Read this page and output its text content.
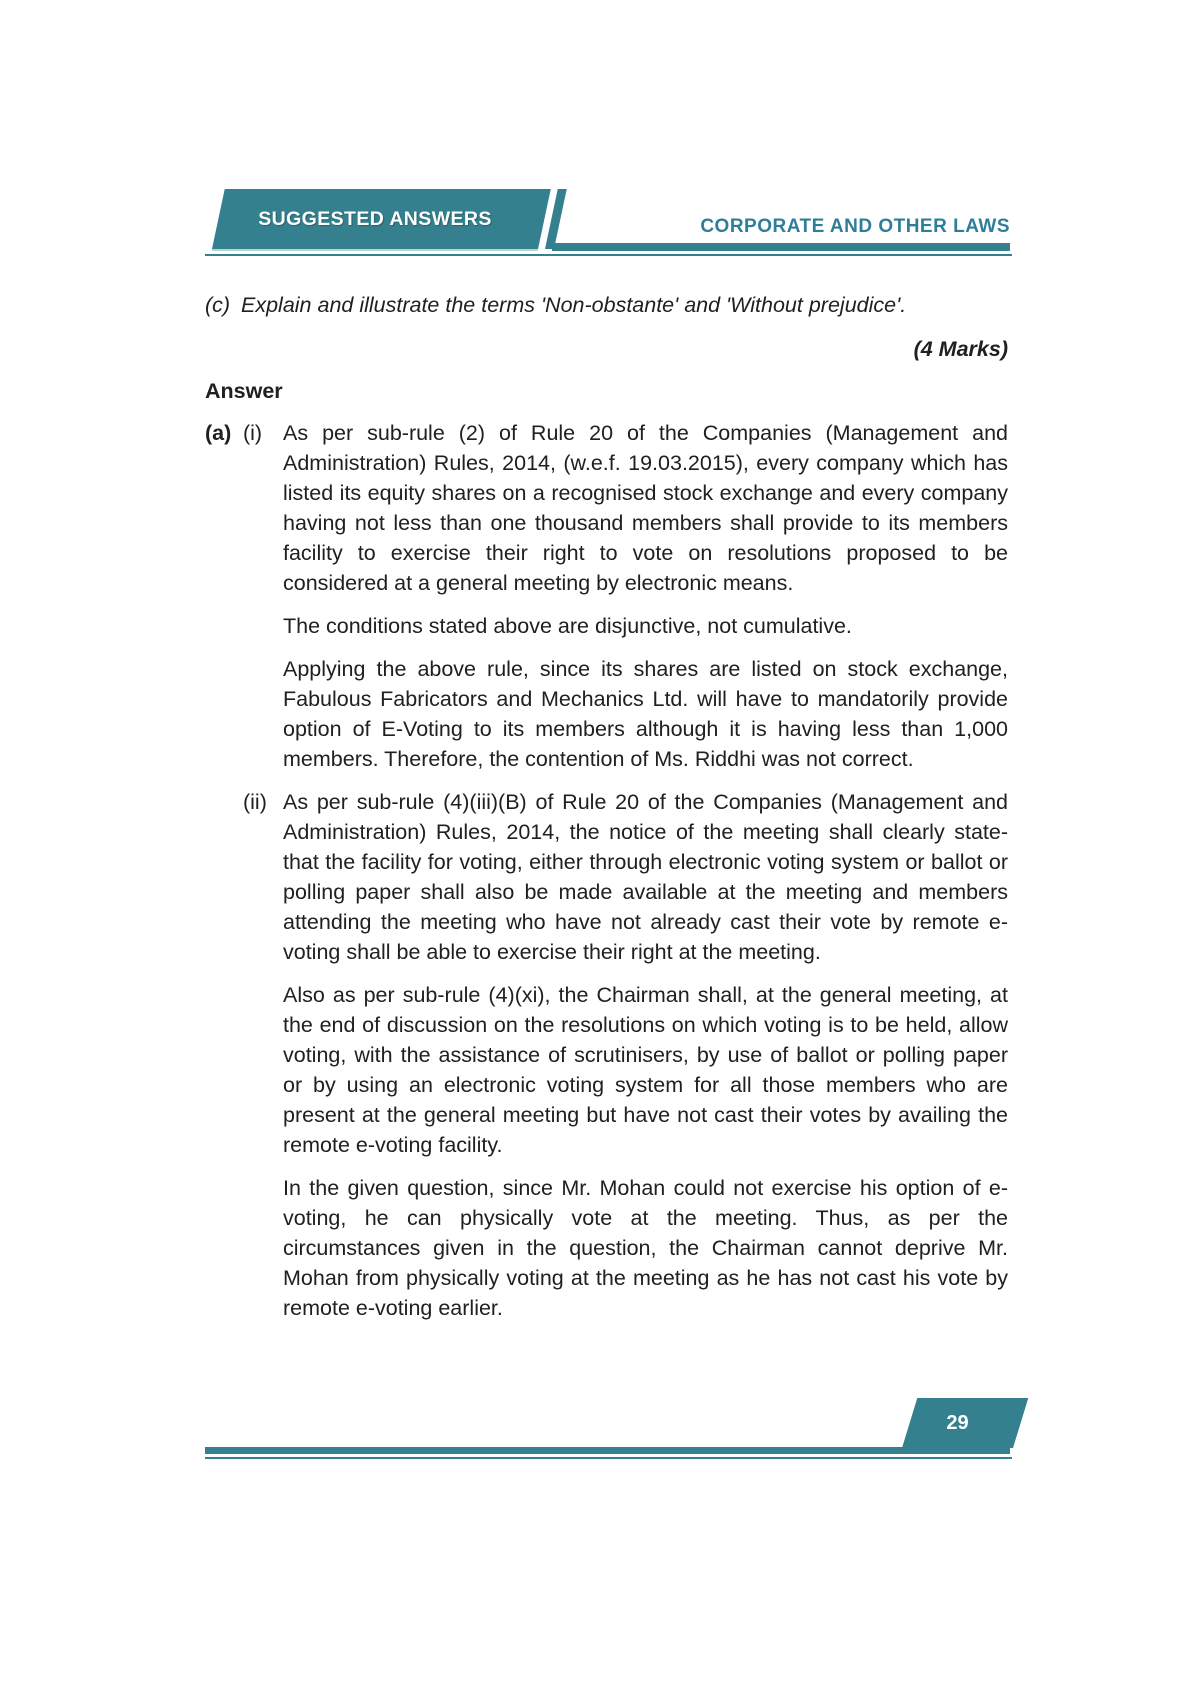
SUGGESTED ANSWERS	CORPORATE AND OTHER LAWS
(c) Explain and illustrate the terms 'Non-obstante' and 'Without prejudice'.
(4 Marks)
Answer
(a) (i) As per sub-rule (2) of Rule 20 of the Companies (Management and Administration) Rules, 2014, (w.e.f. 19.03.2015), every company which has listed its equity shares on a recognised stock exchange and every company having not less than one thousand members shall provide to its members facility to exercise their right to vote on resolutions proposed to be considered at a general meeting by electronic means.

The conditions stated above are disjunctive, not cumulative.

Applying the above rule, since its shares are listed on stock exchange, Fabulous Fabricators and Mechanics Ltd. will have to mandatorily provide option of E-Voting to its members although it is having less than 1,000 members. Therefore, the contention of Ms. Riddhi was not correct.

(ii) As per sub-rule (4)(iii)(B) of Rule 20 of the Companies (Management and Administration) Rules, 2014, the notice of the meeting shall clearly state- that the facility for voting, either through electronic voting system or ballot or polling paper shall also be made available at the meeting and members attending the meeting who have not already cast their vote by remote e-voting shall be able to exercise their right at the meeting.

Also as per sub-rule (4)(xi), the Chairman shall, at the general meeting, at the end of discussion on the resolutions on which voting is to be held, allow voting, with the assistance of scrutinisers, by use of ballot or polling paper or by using an electronic voting system for all those members who are present at the general meeting but have not cast their votes by availing the remote e-voting facility.

In the given question, since Mr. Mohan could not exercise his option of e-voting, he can physically vote at the meeting. Thus, as per the circumstances given in the question, the Chairman cannot deprive Mr. Mohan from physically voting at the meeting as he has not cast his vote by remote e-voting earlier.

29
